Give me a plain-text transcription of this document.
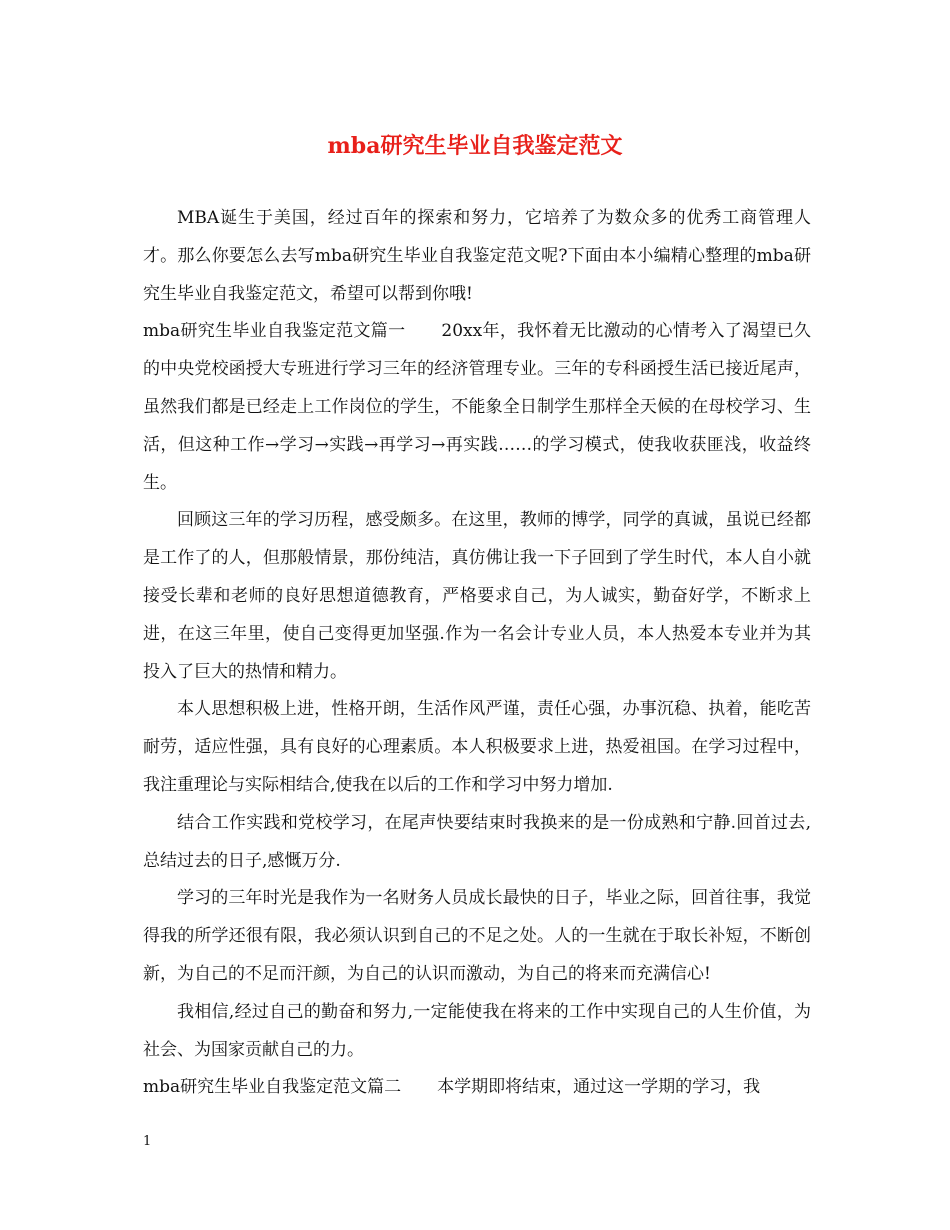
mba研究生毕业自我鉴定范文

MBA诞生于美国，经过百年的探索和努力，它培养了为数众多的优秀工商管理人才。那么你要怎么去写mba研究生毕业自我鉴定范文呢?下面由本小编精心整理的mba研究生毕业自我鉴定范文，希望可以帮到你哦!

mba研究生毕业自我鉴定范文篇一 20xx年，我怀着无比激动的心情考入了渴望已久的中央党校函授大专班进行学习三年的经济管理专业。三年的专科函授生活已接近尾声，虽然我们都是已经走上工作岗位的学生，不能象全日制学生那样全天候的在母校学习、生活，但这种工作→学习→实践→再学习→再实践……的学习模式，使我收获匪浅，收益终生。

回顾这三年的学习历程，感受颇多。在这里，教师的博学，同学的真诚，虽说已经都是工作了的人，但那般情景，那份纯洁，真仿佛让我一下子回到了学生时代，本人自小就接受长辈和老师的良好思想道德教育，严格要求自己，为人诚实，勤奋好学，不断求上进，在这三年里，使自己变得更加坚强.作为一名会计专业人员，本人热爱本专业并为其投入了巨大的热情和精力。

本人思想积极上进，性格开朗，生活作风严谨，责任心强，办事沉稳、执着，能吃苦耐劳，适应性强，具有良好的心理素质。本人积极要求上进，热爱祖国。在学习过程中，我注重理论与实际相结合,使我在以后的工作和学习中努力增加.

结合工作实践和党校学习，在尾声快要结束时我换来的是一份成熟和宁静.回首过去,总结过去的日子,感慨万分.

学习的三年时光是我作为一名财务人员成长最快的日子，毕业之际，回首往事，我觉得我的所学还很有限，我必须认识到自己的不足之处。人的一生就在于取长补短，不断创新，为自己的不足而汗颜，为自己的认识而激动，为自己的将来而充满信心!

我相信,经过自己的勤奋和努力,一定能使我在将来的工作中实现自己的人生价值，为社会、为国家贡献自己的力。

mba研究生毕业自我鉴定范文篇二 本学期即将结束，通过这一学期的学习，我

1
